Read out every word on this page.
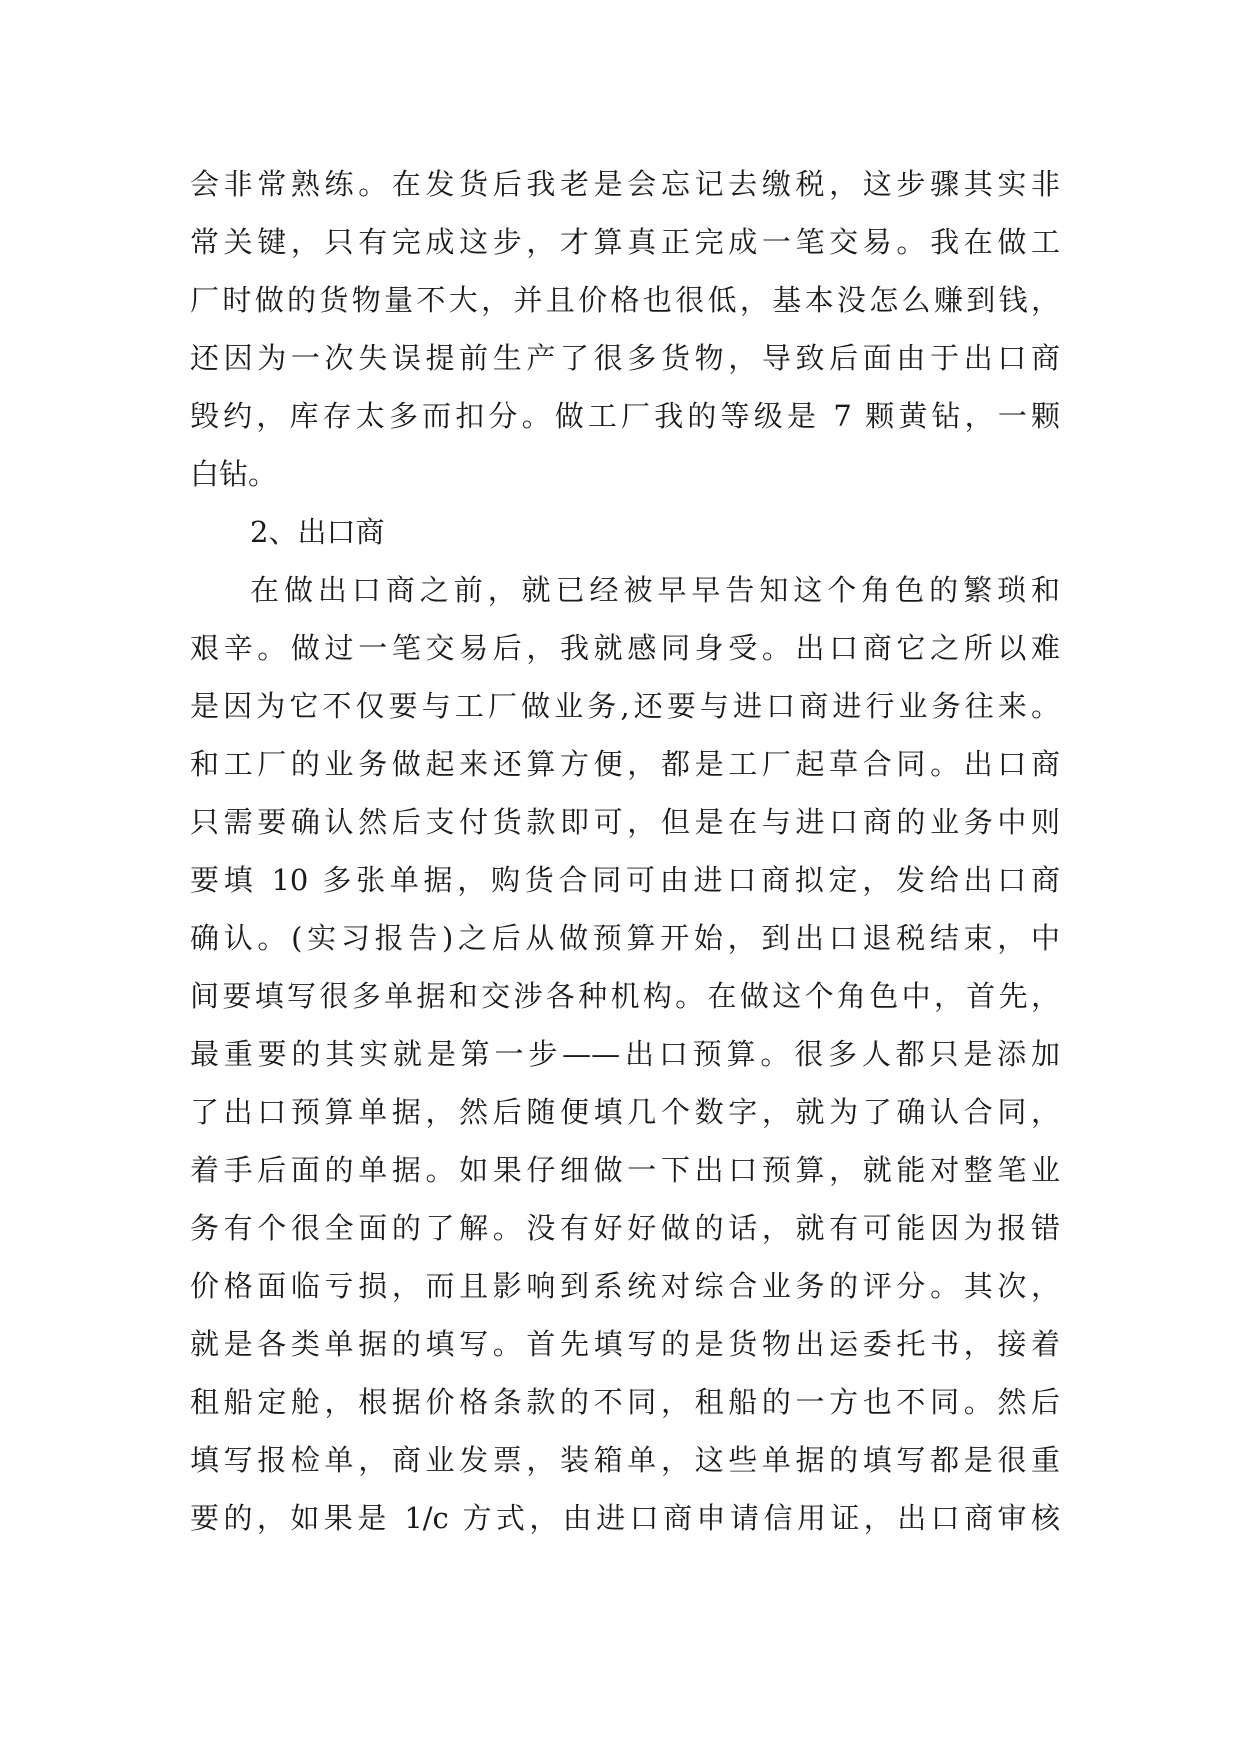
会非常熟练。在发货后我老是会忘记去缴税，这步骤其实非
常关键，只有完成这步，才算真正完成一笔交易。我在做工
厂时做的货物量不大，并且价格也很低，基本没怎么赚到钱，
还因为一次失误提前生产了很多货物，导致后面由于出口商
毁约，库存太多而扣分。做工厂我的等级是 7 颗黄钻，一颗
白钻。
2、出口商
在做出口商之前，就已经被早早告知这个角色的繁琐和
艰辛。做过一笔交易后，我就感同身受。出口商它之所以难
是因为它不仅要与工厂做业务,还要与进口商进行业务往来。
和工厂的业务做起来还算方便，都是工厂起草合同。出口商
只需要确认然后支付货款即可，但是在与进口商的业务中则
要填 10 多张单据，购货合同可由进口商拟定，发给出口商
确认。(实习报告)之后从做预算开始，到出口退税结束，中
间要填写很多单据和交涉各种机构。在做这个角色中，首先，
最重要的其实就是第一步——出口预算。很多人都只是添加
了出口预算单据，然后随便填几个数字，就为了确认合同，
着手后面的单据。如果仔细做一下出口预算，就能对整笔业
务有个很全面的了解。没有好好做的话，就有可能因为报错
价格面临亏损，而且影响到系统对综合业务的评分。其次，
就是各类单据的填写。首先填写的是货物出运委托书，接着
租船定舱，根据价格条款的不同，租船的一方也不同。然后
填写报检单，商业发票，装箱单，这些单据的填写都是很重
要的，如果是 1/c 方式，由进口商申请信用证，出口商审核
